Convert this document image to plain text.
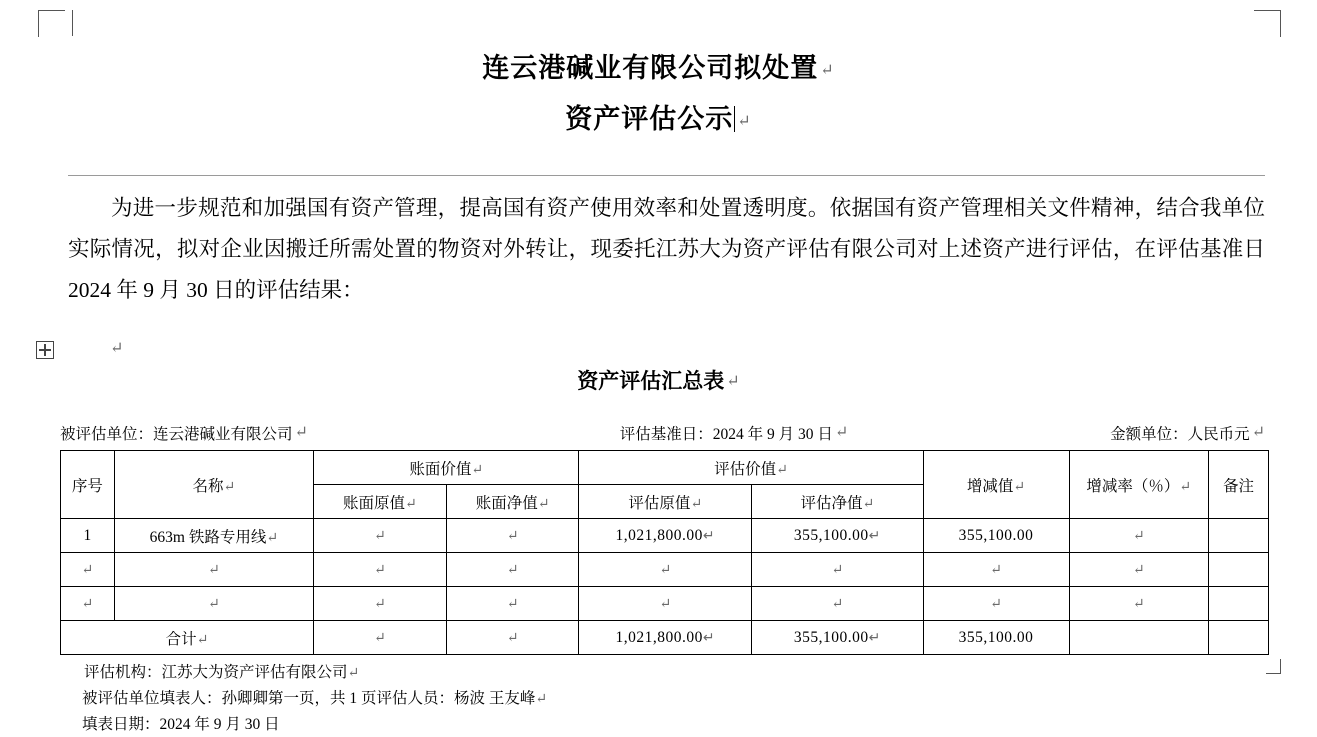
连云港碱业有限公司拟处置 ↵
资产评估公示 ↵
为进一步规范和加强国有资产管理，提高国有资产使用效率和处置透明度。依据国有资产管理相关文件精神，结合我单位实际情况，拟对企业因搬迁所需处置的物资对外转让，现委托江苏大为资产评估有限公司对上述资产进行评估，在评估基准日 2024 年 9 月 30 日的评估结果：
↵
资产评估汇总表 ↵
被评估单位：连云港碱业有限公司 ↵	评估基准日：2024 年 9 月 30 日 ↵	金额单位：人民币元 ↵
序号	名称↵	账面价值↵		评估价值↵		增减值↵	增减率（％）↵	备注
		账面原值↵	账面净值↵	评估原值↵	评估净值↵			
1	663m 铁路专用线↵	↵	↵	1,021,800.00↵	355,100.00↵	355,100.00	↵	
↵	↵	↵	↵	↵	↵	↵	↵	
↵	↵	↵	↵	↵	↵	↵	↵	
合计↵		↵	↵	1,021,800.00↵	355,100.00↵	355,100.00		
评估机构：江苏大为资产评估有限公司↵
被评估单位填表人：孙卿卿第一页，共 1 页评估人员：杨波 王友峰↵
填表日期：2024 年 9 月 30 日
